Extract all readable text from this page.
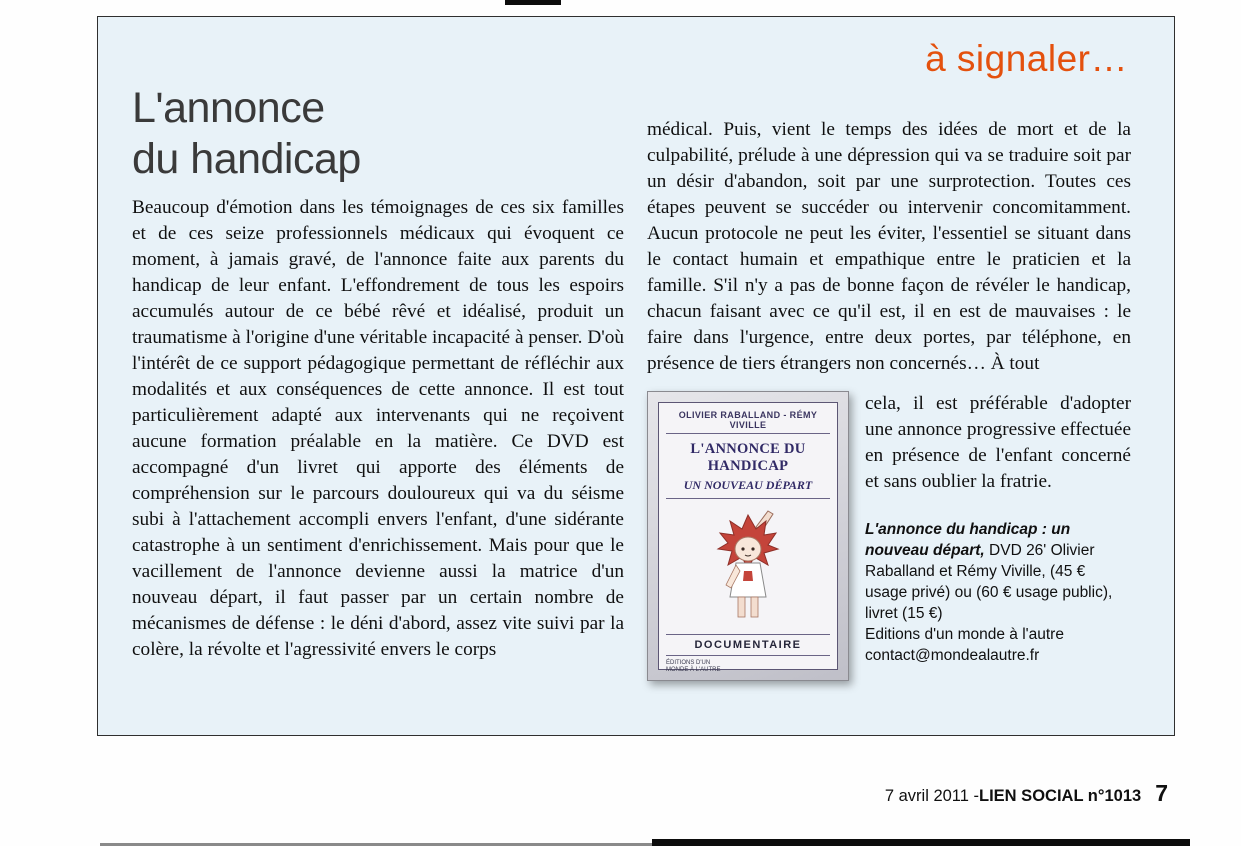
à signaler…
L'annonce
du handicap
Beaucoup d'émotion dans les témoignages de ces six familles et de ces seize professionnels médicaux qui évoquent ce moment, à jamais gravé, de l'annonce faite aux parents du handicap de leur enfant. L'effondrement de tous les espoirs accumulés autour de ce bébé rêvé et idéalisé, produit un traumatisme à l'origine d'une véritable incapacité à penser. D'où l'intérêt de ce support pédagogique permettant de réfléchir aux modalités et aux conséquences de cette annonce. Il est tout particulièrement adapté aux intervenants qui ne reçoivent aucune formation préalable en la matière. Ce DVD est accompagné d'un livret qui apporte des éléments de compréhension sur le parcours douloureux qui va du séisme subi à l'attachement accompli envers l'enfant, d'une sidérante catastrophe à un sentiment d'enrichissement. Mais pour que le vacillement de l'annonce devienne aussi la matrice d'un nouveau départ, il faut passer par un certain nombre de mécanismes de défense : le déni d'abord, assez vite suivi par la colère, la révolte et l'agressivité envers le corps
médical. Puis, vient le temps des idées de mort et de la culpabilité, prélude à une dépression qui va se traduire soit par un désir d'abandon, soit par une surprotection. Toutes ces étapes peuvent se succéder ou intervenir concomitamment. Aucun protocole ne peut les éviter, l'essentiel se situant dans le contact humain et empathique entre le praticien et la famille. S'il n'y a pas de bonne façon de révéler le handicap, chacun faisant avec ce qu'il est, il en est de mauvaises : le faire dans l'urgence, entre deux portes, par téléphone, en présence de tiers étrangers non concernés… À tout
OLIVIER RABALLAND - RÉMY VIVILLE
L'ANNONCE DU HANDICAP
UN NOUVEAU DÉPART
DOCUMENTAIRE
ÉDITIONS D'UN MONDE À L'AUTRE
cela, il est préférable d'adopter une annonce progressive effectuée en présence de l'enfant concerné et sans oublier la fratrie.

L'annonce du handicap : un nouveau départ, DVD 26' Olivier Raballand et Rémy Viville, (45 € usage privé) ou (60 € usage public), livret (15 €)

Editions d'un monde à l'autre

contact@mondealautre.fr

7 avril 2011 - LIEN SOCIAL n°1013 7
